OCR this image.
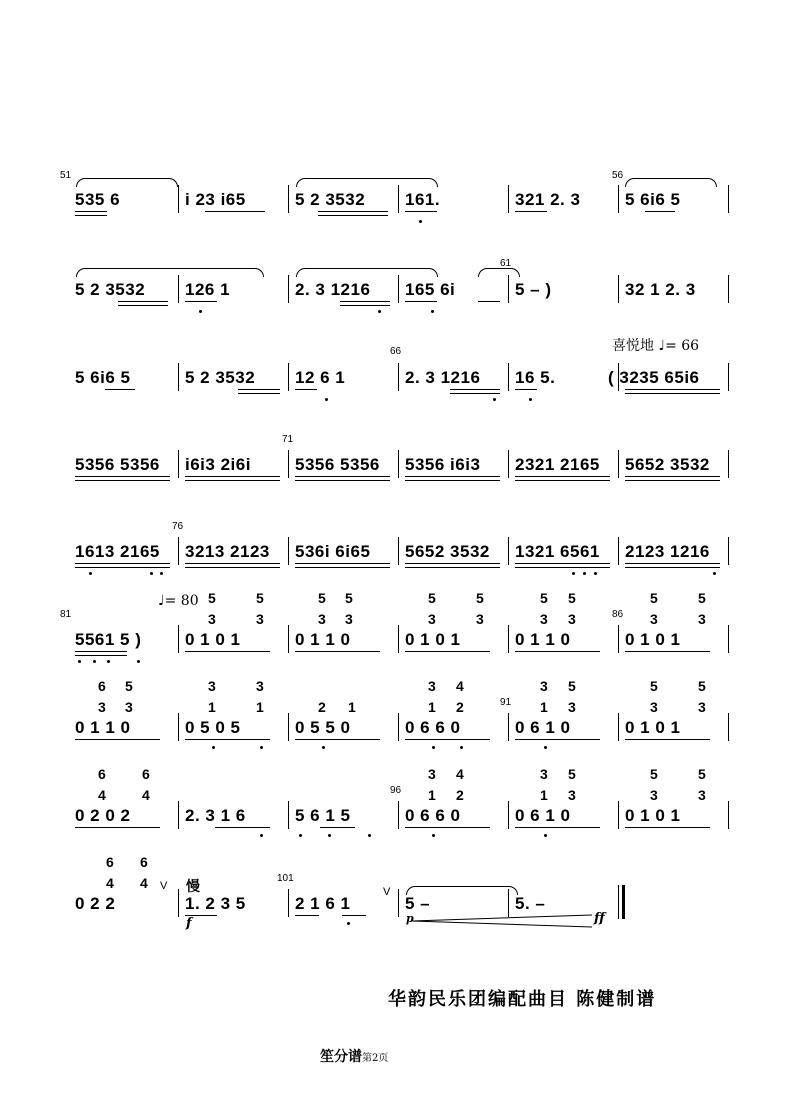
51	56
535 6	i 23 i65	5 2 3532 161.	321 2. 3	5 6i6 5
61
5 2 3532 126 1	2. 3 1216 165 6i	5 – )	32 1 2. 3
喜悦地 ♩= 66
66
5 6i6 5	5 2 3532 12 6 1	2. 3 1216 16 5.	( 3235 65i6
71
5356 5356 i6i3 2i6i	5356 5356 5356 i6i3 2321 2165 5652 3532
76
1613 2165 3213 2123 536i 6i65 5652 3532 1321 6561 2123 1216
81	86
♩= 80 5
3
5
3
5 5
3 3
5	5
3	3
5 5
3 3
5	5
3	3
5561 5 )	0 1 0 1	0 1 1 0	0 1 0 1	0 1 1 0	0 1 0 1
91
6 5
3 3
3	3
1	1	2 1
3 4
1 2
3 5
1 3
5	5
3	3
0 1 1 0	0 5 0 5	0 5 5 0	0 6 6 0	0 6 1 0	0 1 0 1
96
6	6
4	4
3 4
1 2
3 5
1 3
5	5
3	3
0 2 0 2	2. 3 1 6	5 6 1 5	0 6 6 0	0 6 1 0	0 1 0 1
101
6 6
4 4 V 慢
0 2 2	1. 2 3 5	2 1 6 1
V
5 –	5. –
f	p	ff
华韵民乐团编配曲目 陈健制谱
笙分谱第2页
